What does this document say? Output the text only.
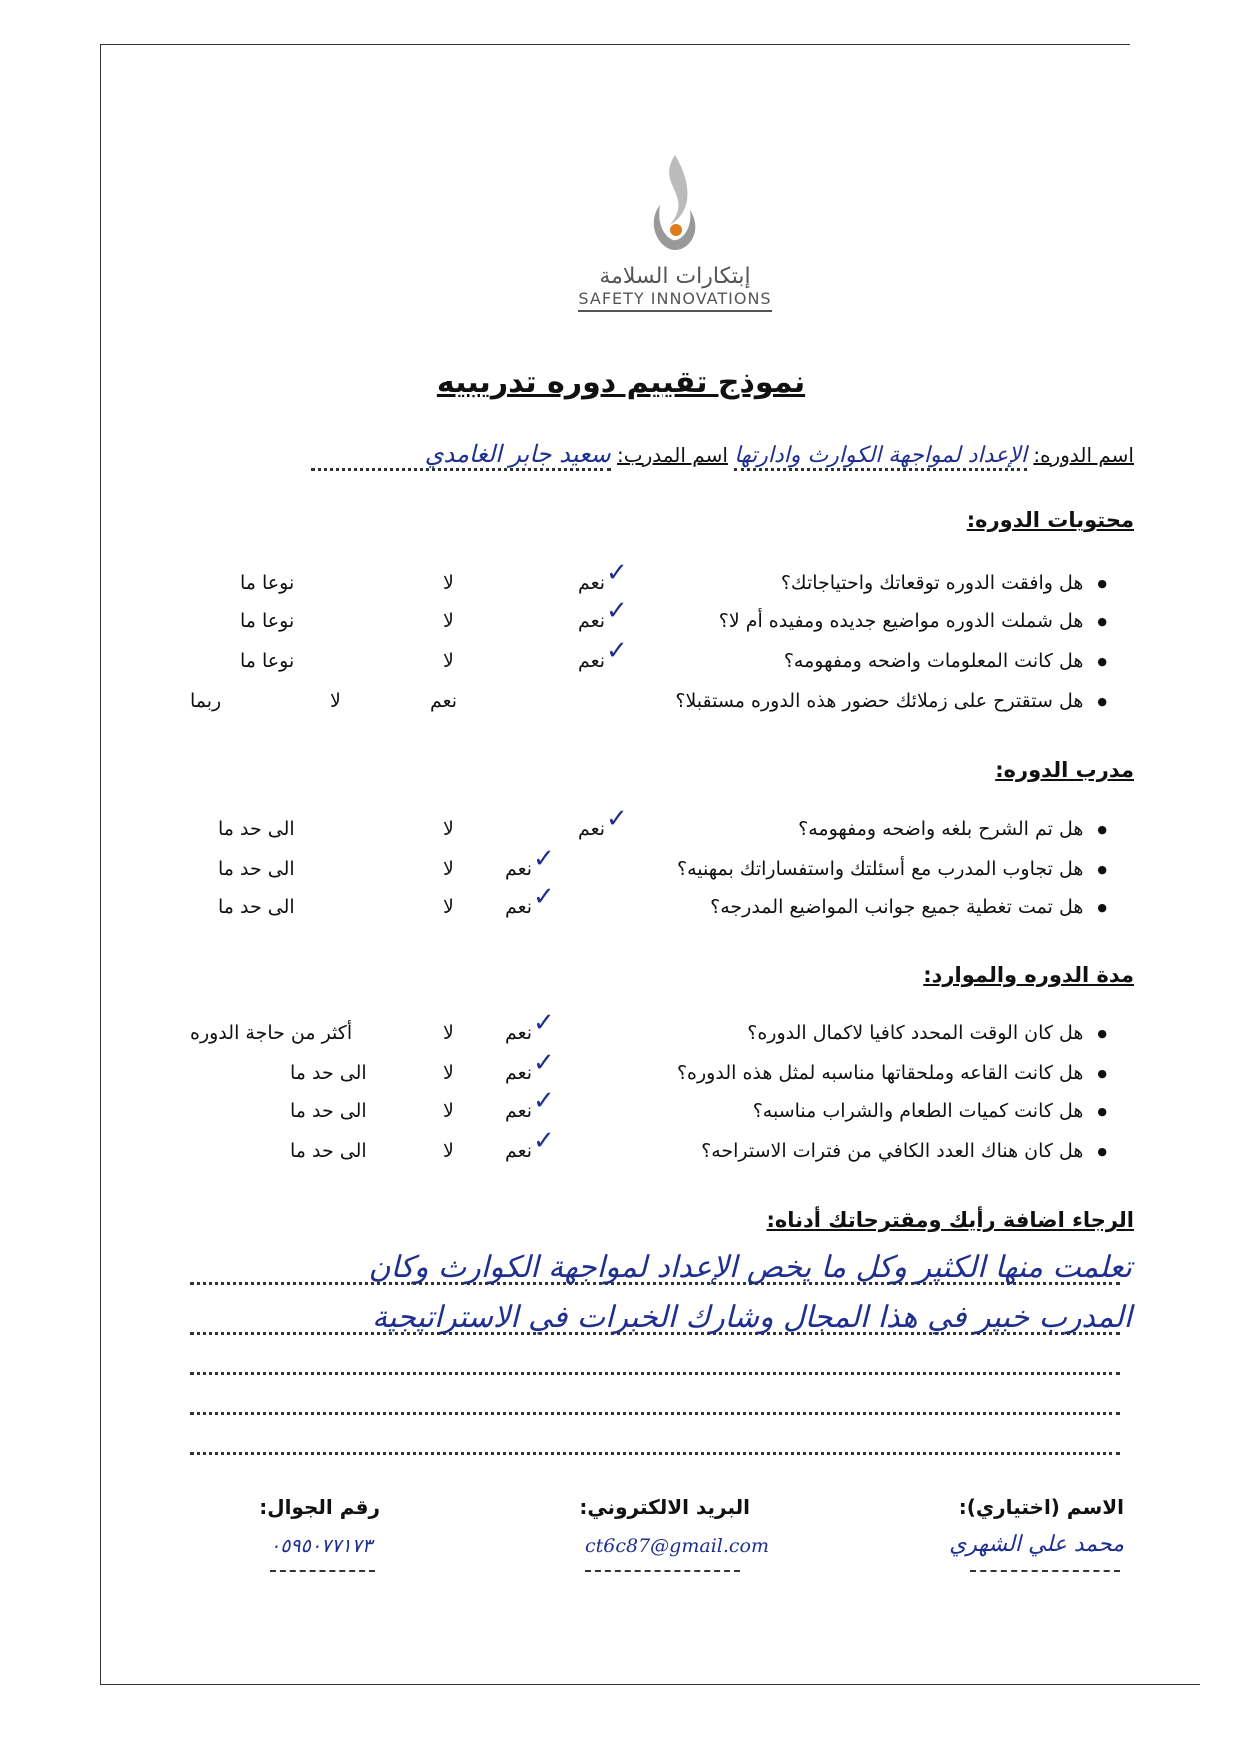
إبتكارات السلامة
SAFETY INNOVATIONS
نموذج تقييم دوره تدريبيه
اسم الدوره: الإعداد لمواجهة الكوارث وادارتها اسم المدرب: سعيد جابر الغامدي
محتويات الدوره:
● هل وافقت الدوره توقعاتك واحتياجاتك؟
نعم ✓
لا
نوعا ما
● هل شملت الدوره مواضيع جديده ومفيده أم لا؟
نعم ✓
لا
نوعا ما
● هل كانت المعلومات واضحه ومفهومه؟
نعم ✓
لا
نوعا ما
● هل ستقترح على زملائك حضور هذه الدوره مستقبلا؟
نعم
لا
ربما
مدرب الدوره:
● هل تم الشرح بلغه واضحه ومفهومه؟
نعم ✓
لا
الى حد ما
● هل تجاوب المدرب مع أسئلتك واستفساراتك بمهنيه؟
نعم ✓
لا
الى حد ما
● هل تمت تغطية جميع جوانب المواضيع المدرجه؟
نعم ✓
لا
الى حد ما
مدة الدوره والموارد:
● هل كان الوقت المحدد كافيا لاكمال الدوره؟
نعم ✓
لا
أكثر من حاجة الدوره
● هل كانت القاعه وملحقاتها مناسبه لمثل هذه الدوره؟
نعم ✓
لا
الى حد ما
● هل كانت كميات الطعام والشراب مناسبه؟
نعم ✓
لا
الى حد ما
● هل كان هناك العدد الكافي من فترات الاستراحه؟
نعم ✓
لا
الى حد ما
الرجاء اضافة رأيك ومقترحاتك أدناه:
تعلمت منها الكثير وكل ما يخص الإعداد لمواجهة الكوارث وكان
المدرب خبير في هذا المجال وشارك الخبرات في الاستراتيجية
الاسم (اختياري):
محمد علي الشهري
البريد الالكتروني:
ct6c87@gmail.com
رقم الجوال:
٠٥٩٥٠٧٧١٧٣
